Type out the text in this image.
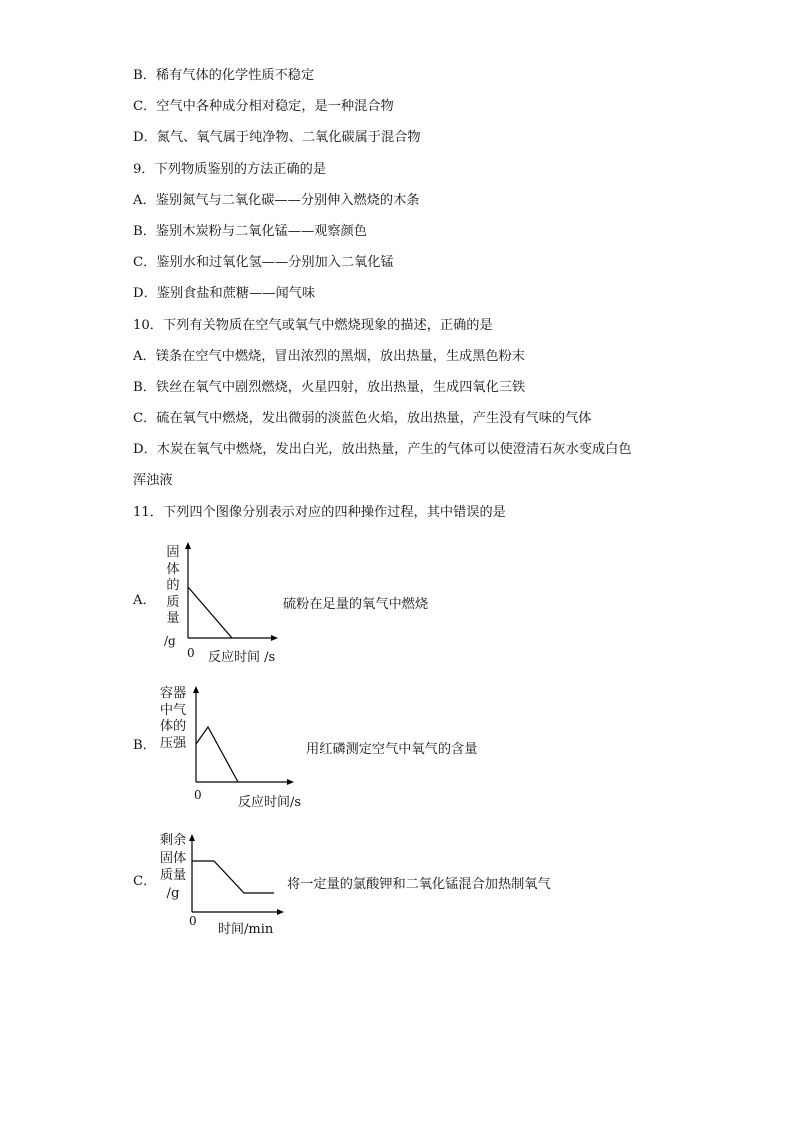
B．稀有气体的化学性质不稳定
C．空气中各种成分相对稳定，是一种混合物
D．氮气、氧气属于纯净物、二氧化碳属于混合物
9．下列物质鉴别的方法正确的是
A．鉴别氮气与二氧化碳——分别伸入燃烧的木条
B．鉴别木炭粉与二氧化锰——观察颜色
C．鉴别水和过氧化氢——分别加入二氧化锰
D．鉴别食盐和蔗糖——闻气味
10．下列有关物质在空气或氧气中燃烧现象的描述，正确的是
A．镁条在空气中燃烧，冒出浓烈的黑烟，放出热量，生成黑色粉末
B．铁丝在氧气中剧烈燃烧，火星四射，放出热量，生成四氧化三铁
C．硫在氧气中燃烧，发出微弱的淡蓝色火焰，放出热量，产生没有气味的气体
D．木炭在氧气中燃烧，发出白光，放出热量，产生的气体可以使澄清石灰水变成白色
浑浊液
11．下列四个图像分别表示对应的四种操作过程，其中错误的是
A．
固
体
的
质
量
/g
0 反应时间 /s
硫粉在足量的氧气中燃烧
B．
容器
中气
体的
压强
0	反应时间/s
用红磷测定空气中氧气的含量
C．
剩余
固体
质量
/g
0
时间/min
将一定量的氯酸钾和二氧化锰混合加热制氧气
